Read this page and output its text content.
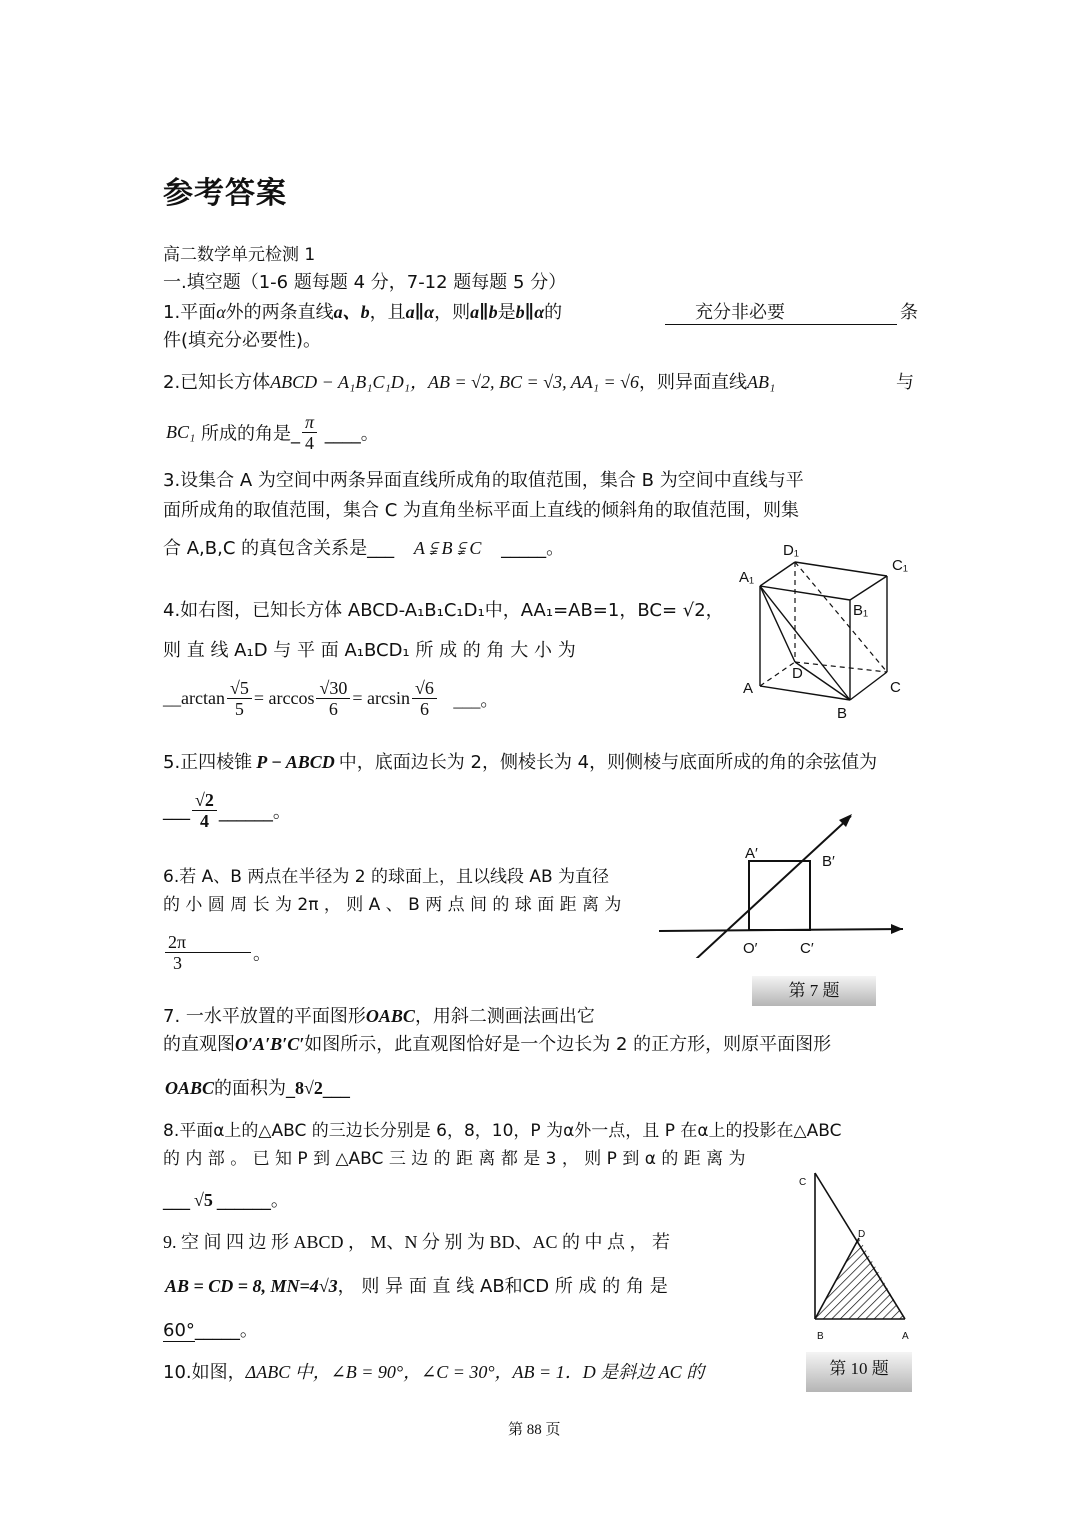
参考答案
高二数学单元检测 1
一.填空题（1-6 题每题 4 分，7-12 题每题 5 分）
1.平面α外的两条直线a、b，且a∥α，则a∥b是b∥α的	充分非必要	条
件(填充分必要性)。
2.已知长方体ABCD − A₁B₁C₁D₁，AB = √2, BC = √3, AA₁ = √6，则异面直线AB₁	与
BC₁ 所成的角是_ $\frac{\pi}{4}$ ____。
3.设集合 A 为空间中两条异面直线所成角的取值范围，集合 B 为空间中直线与平
面所成角的取值范围，集合 C 为直角坐标平面上直线的倾斜角的取值范围，则集
合 A,B,C 的真包含关系是___ A ⫋ B ⫋ C _____。
4.如右图，已知长方体 ABCD-A₁B₁C₁D₁中，AA₁=AB=1，BC= √2，
则 直 线 A₁D 与 平 面 A₁BCD₁ 所 成 的 角 大 小 为
__arctan $\frac{√5}{5} = \arccos \frac{√30}{6} = \arcsin \frac{√6}{6}$ ___。
D₁
C₁
A₁
B₁
D
A	C
B
5.正四棱锥 P − ABCD 中，底面边长为 2，侧棱长为 4，则侧棱与底面所成的角的余弦值为
___ $\frac{√2}{4}$ ______。
6.若 A、B 两点在半径为 2 的球面上，且以线段 AB 为直径
的 小 圆 周 长 为 2π ， 则 A 、 B 两 点 间 的 球 面 距 离 为
$\frac{2\pi}{3}$ 。
A′	B′
O′	C′
第 7 题
7. 一水平放置的平面图形OABC，用斜二测画法画出它
的直观图O′A′B′C′如图所示，此直观图恰好是一个边长为 2 的正方形，则原平面图形
OABC的面积为_8√2___
8.平面α上的△ABC 的三边长分别是 6，8，10，P 为α外一点，且 P 在α上的投影在△ABC
的 内 部 。 已 知 P 到 △ABC 三 边 的 距 离 都 是 3 ， 则 P 到 α 的 距 离 为
___ √5 ______。
C
D
B	A
9. 空 间 四 边 形 ABCD ， M、N 分 别 为 BD、AC 的 中 点 ， 若
AB = CD = 8, MN=4√3， 则 异 面 直 线 AB和CD 所 成 的 角 是
60°_____。
10.如图，ΔABC 中，∠B = 90°，∠C = 30°，AB = 1．D 是斜边 AC 的	第 10 题
第 88 页
